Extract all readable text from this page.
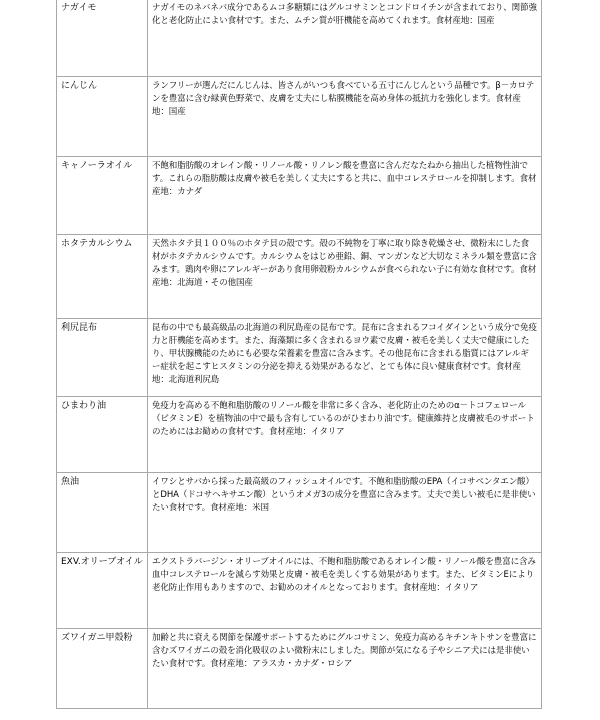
ナガイモ	ナガイモのネバネバ成分であるムコ多糖類にはグルコサミンとコンドロイチンが含まれており、関節強化と老化防止によい食材です。また、ムチン質が肝機能を高めてくれます。食材産地：国産

にんじん	ランフリーが選んだにんじんは、皆さんがいつも食べている五寸にんじんという品種です。β－カロテンを豊富に含む緑黄色野菜で、皮膚を丈夫にし粘膜機能を高め身体の抵抗力を強化します。食材産地：国産

キャノーラオイル	不飽和脂肪酸のオレイン酸・リノール酸・リノレン酸を豊富に含んだなたねから抽出した植物性油です。これらの脂肪酸は皮膚や被毛を美しく丈夫にすると共に、血中コレステロールを抑制します。食材産地：カナダ

ホタテカルシウム	天然ホタテ貝１００％のホタテ貝の殻です。殻の不純物を丁寧に取り除き乾燥させ、微粉末にした食材がホタテカルシウムです。カルシウムをはじめ亜鉛、銅、マンガンなど大切なミネラル類を豊富に含みます。鶏肉や卵にアレルギーがあり食用卵殻粉カルシウムが食べられない子に有効な食材です。食材産地：北海道・その他国産

利尻昆布	昆布の中でも最高級品の北海道の利尻島産の昆布です。昆布に含まれるフコイダインという成分で免疫力と肝機能を高めます。また、海藻類に多く含まれるヨウ素で皮膚・被毛を美しく丈夫で健康にしたり、甲状腺機能のためにも必要な栄養素を豊富に含みます。その他昆布に含まれる脂質にはアレルギー症状を起こすヒスタミンの分泌を抑える効果があるなど、とても体に良い健康食材です。食材産地：北海道利尻島

ひまわり油	免疫力を高める不飽和脂肪酸のリノール酸を非常に多く含み、老化防止のためのα－トコフェロール（ビタミンE）を植物油の中で最も含有しているのがひまわり油です。健康維持と皮膚被毛のサポートのためにはお勧めの食材です。食材産地：イタリア

魚油	イワシとサバから採った最高級のフィッシュオイルです。不飽和脂肪酸のEPA（イコサペンタエン酸）とDHA（ドコサヘキサエン酸）というオメガ3の成分を豊富に含みます。丈夫で美しい被毛に是非使いたい食材です。食材産地：米国

EXV.オリーブオイル	エクストラバージン・オリーブオイルには、不飽和脂肪酸であるオレイン酸・リノール酸を豊富に含み血中コレステロールを減らす効果と皮膚・被毛を美しくする効果があります。また、ビタミンEにより老化防止作用もありますので、お勧めのオイルとなっております。食材産地：イタリア

ズワイガニ甲殻粉	加齢と共に衰える関節を保護サポートするためにグルコサミン、免疫力高めるキチンキトサンを豊富に含むズワイガニの殻を消化吸収のよい微粉末にしました。関節が気になる子やシニア犬には是非使いたい食材です。食材産地：アラスカ・カナダ・ロシア
